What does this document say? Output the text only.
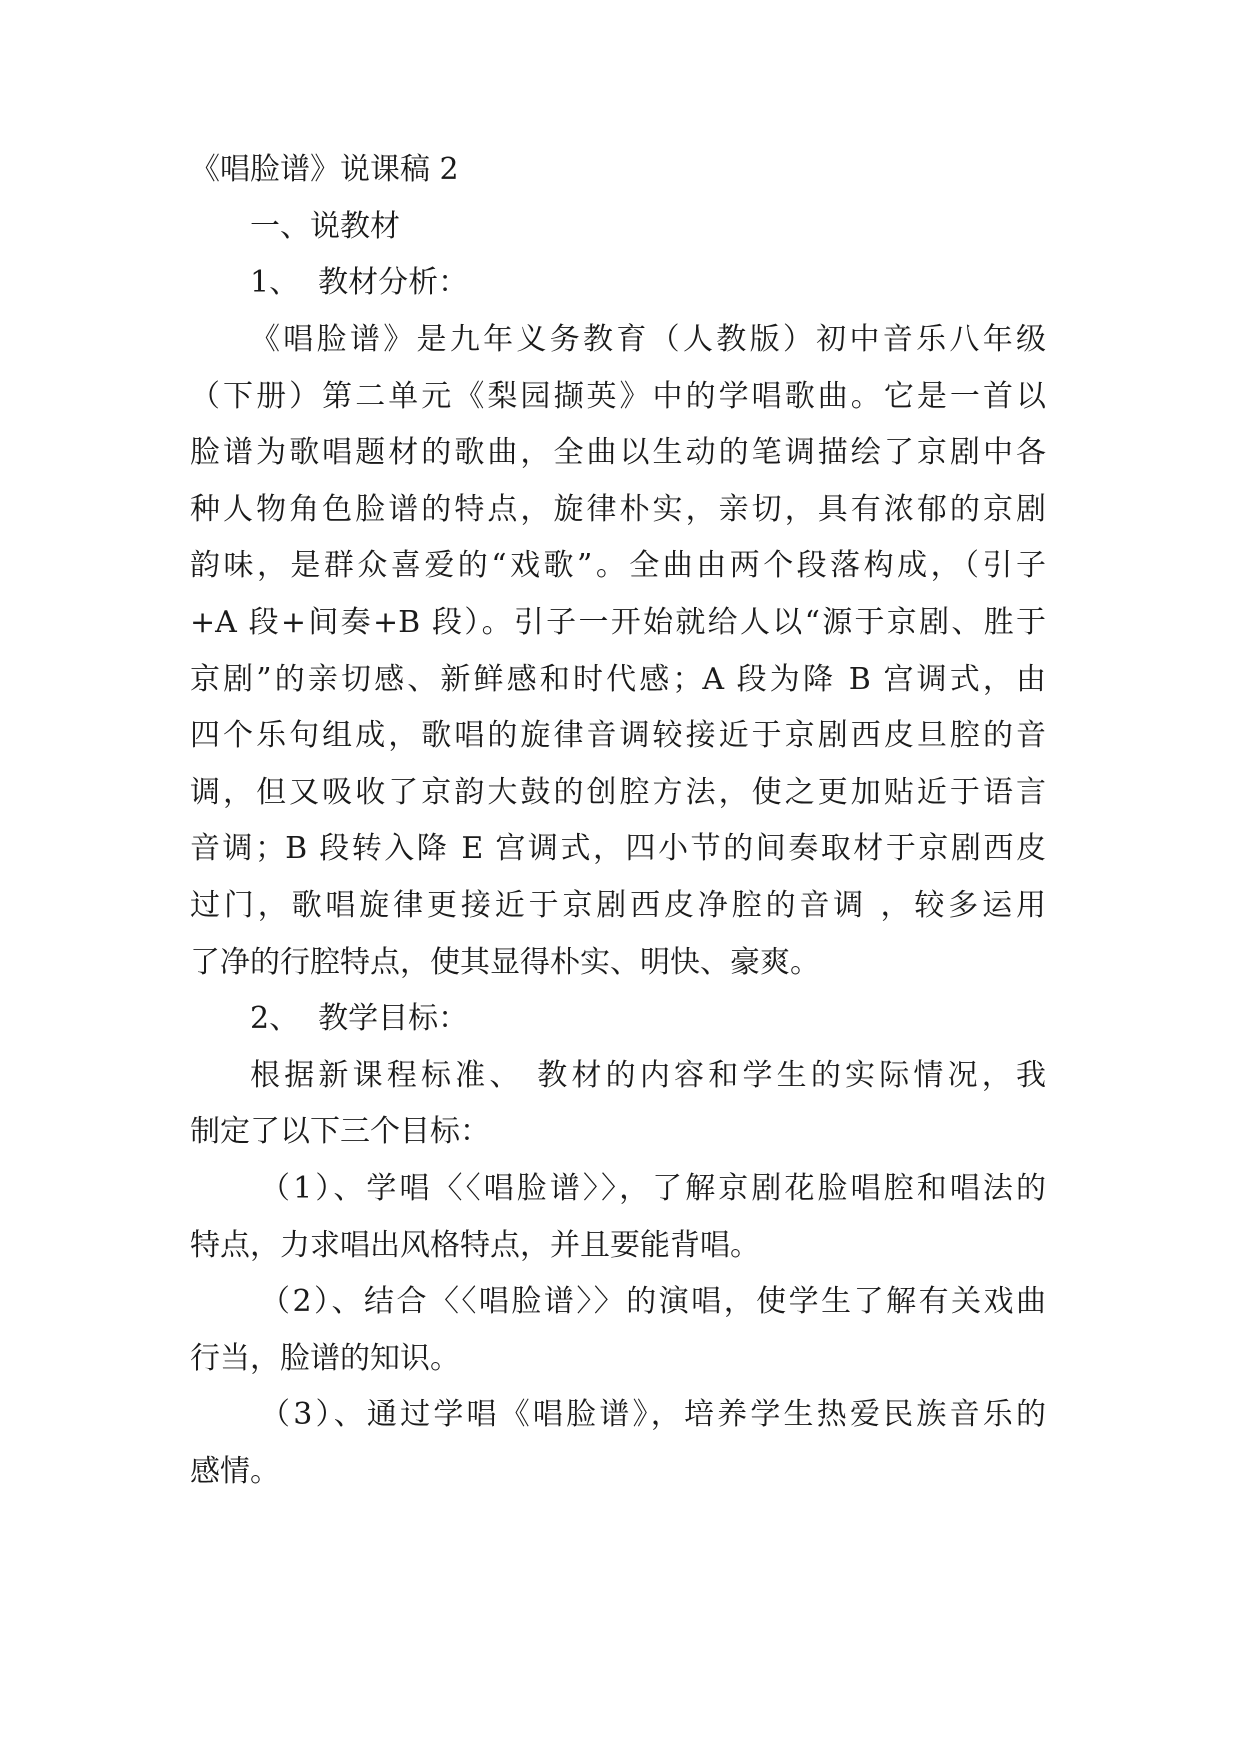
《唱脸谱》说课稿 2
一、说教材
1、  教材分析：
《唱脸谱》是九年义务教育（人教版）初中音乐八年级
（下册）第二单元《梨园撷英》中的学唱歌曲。它是一首以
脸谱为歌唱题材的歌曲，全曲以生动的笔调描绘了京剧中各
种人物角色脸谱的特点，旋律朴实，亲切，具有浓郁的京剧
韵味，是群众喜爱的“戏歌”。全曲由两个段落构成，（引子
+A 段+间奏+B 段）。引子一开始就给人以“源于京剧、胜于
京剧”的亲切感、新鲜感和时代感；A 段为降 B 宫调式，由
四个乐句组成，歌唱的旋律音调较接近于京剧西皮旦腔的音
调，但又吸收了京韵大鼓的创腔方法，使之更加贴近于语言
音调；B 段转入降 E 宫调式，四小节的间奏取材于京剧西皮
过门，歌唱旋律更接近于京剧西皮净腔的音调 ，较多运用
了净的行腔特点，使其显得朴实、明快、豪爽。
2、  教学目标：
根据新课程标准、 教材的内容和学生的实际情况，我
制定了以下三个目标：
（1）、学唱〈〈唱脸谱〉〉，了解京剧花脸唱腔和唱法的
特点，力求唱出风格特点，并且要能背唱。
（2）、结合〈〈唱脸谱〉〉的演唱，使学生了解有关戏曲
行当，脸谱的知识。
（3）、通过学唱《唱脸谱》，培养学生热爱民族音乐的
感情。
